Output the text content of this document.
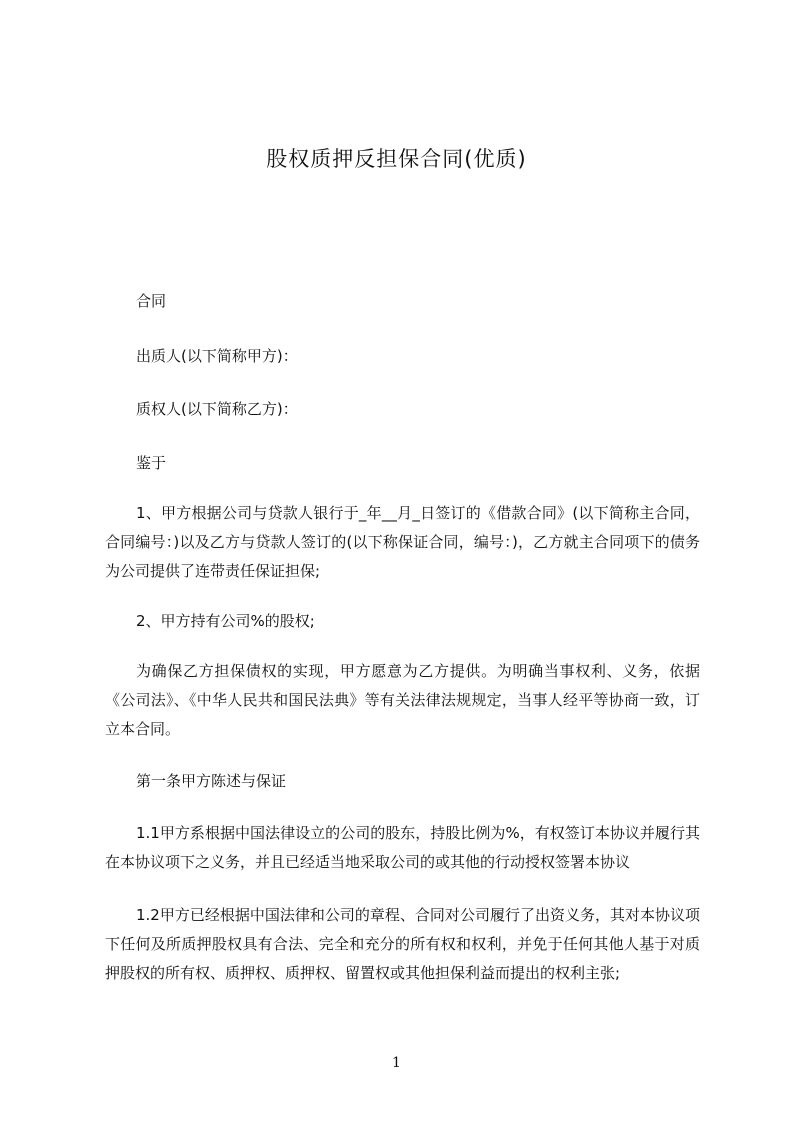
股权质押反担保合同(优质)
合同
出质人(以下简称甲方)：
质权人(以下简称乙方)：
鉴于
1、甲方根据公司与贷款人银行于_年__月_日签订的《借款合同》(以下简称主合同，合同编号：)以及乙方与贷款人签订的(以下称保证合同，编号：)，乙方就主合同项下的债务为公司提供了连带责任保证担保;
2、甲方持有公司%的股权;
为确保乙方担保债权的实现，甲方愿意为乙方提供。为明确当事权利、义务，依据《公司法》、《中华人民共和国民法典》等有关法律法规规定，当事人经平等协商一致，订立本合同。
第一条甲方陈述与保证
1.1甲方系根据中国法律设立的公司的股东，持股比例为%，有权签订本协议并履行其在本协议项下之义务，并且已经适当地采取公司的或其他的行动授权签署本协议
1.2甲方已经根据中国法律和公司的章程、合同对公司履行了出资义务，其对本协议项下任何及所质押股权具有合法、完全和充分的所有权和权利，并免于任何其他人基于对质押股权的所有权、质押权、质押权、留置权或其他担保利益而提出的权利主张;
1
